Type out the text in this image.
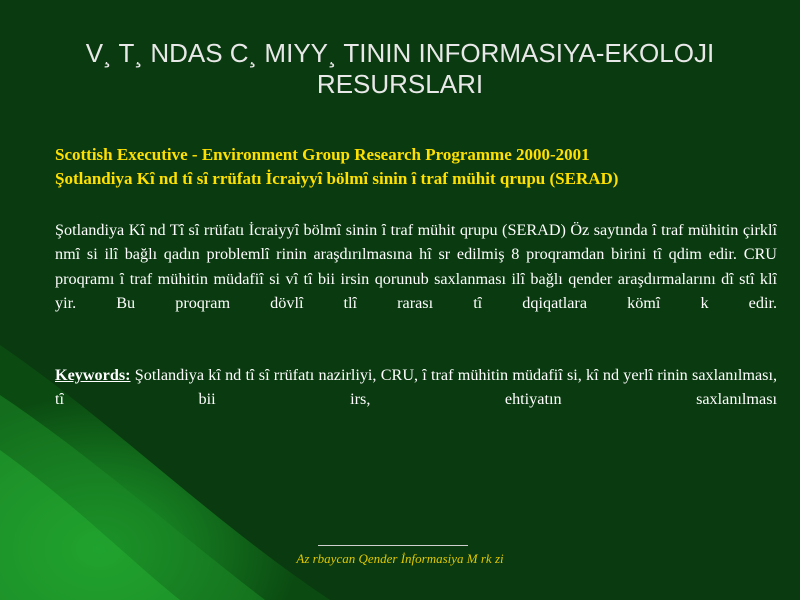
V¸ T¸ NDAS C¸ MIYY¸ TININ INFORMASIYA-EKOLOJI
RESURSLARI
Scottish Executive - Environment Group Research Programme 2000-2001
Şotlandiya Kȋ nd tȋ sȋ rrüfatı İcraiyyȋ bölmȋ sinin ȋ traf mühit qrupu (SERAD)

Şotlandiya Kȋ nd Tȋ sȋ rrüfatı İcraiyyȋ bölmȋ sinin ȋ traf mühit qrupu (SERAD) Öz saytında ȋ traf mühitin çirklȋ nmȋ si ilȋ bağlı qadın problemlȋ rinin araşdırılmasına hȋ sr edilmiş 8 proqramdan birini tȋ qdim edir. CRU proqramı ȋ traf mühitin müdafiȋ si vȋ tȋ bii irsin qorunub saxlanması ilȋ bağlı qender araşdırmalarını dȋ stȋ klȋ yir. Bu proqram dövlȋ tlȋ rarası tȋ dqiqatlara kömȋ k edir.

Keywords: Şotlandiya kȋ nd tȋ sȋ rrüfatı nazirliyi, CRU, ȋ traf mühitin müdafiȋ si, kȋ nd yerlȋ rinin saxlanılması, tȋ bii irs, ehtiyatın saxlanılması

Az rbaycan Qender İnformasiya M rk zi
